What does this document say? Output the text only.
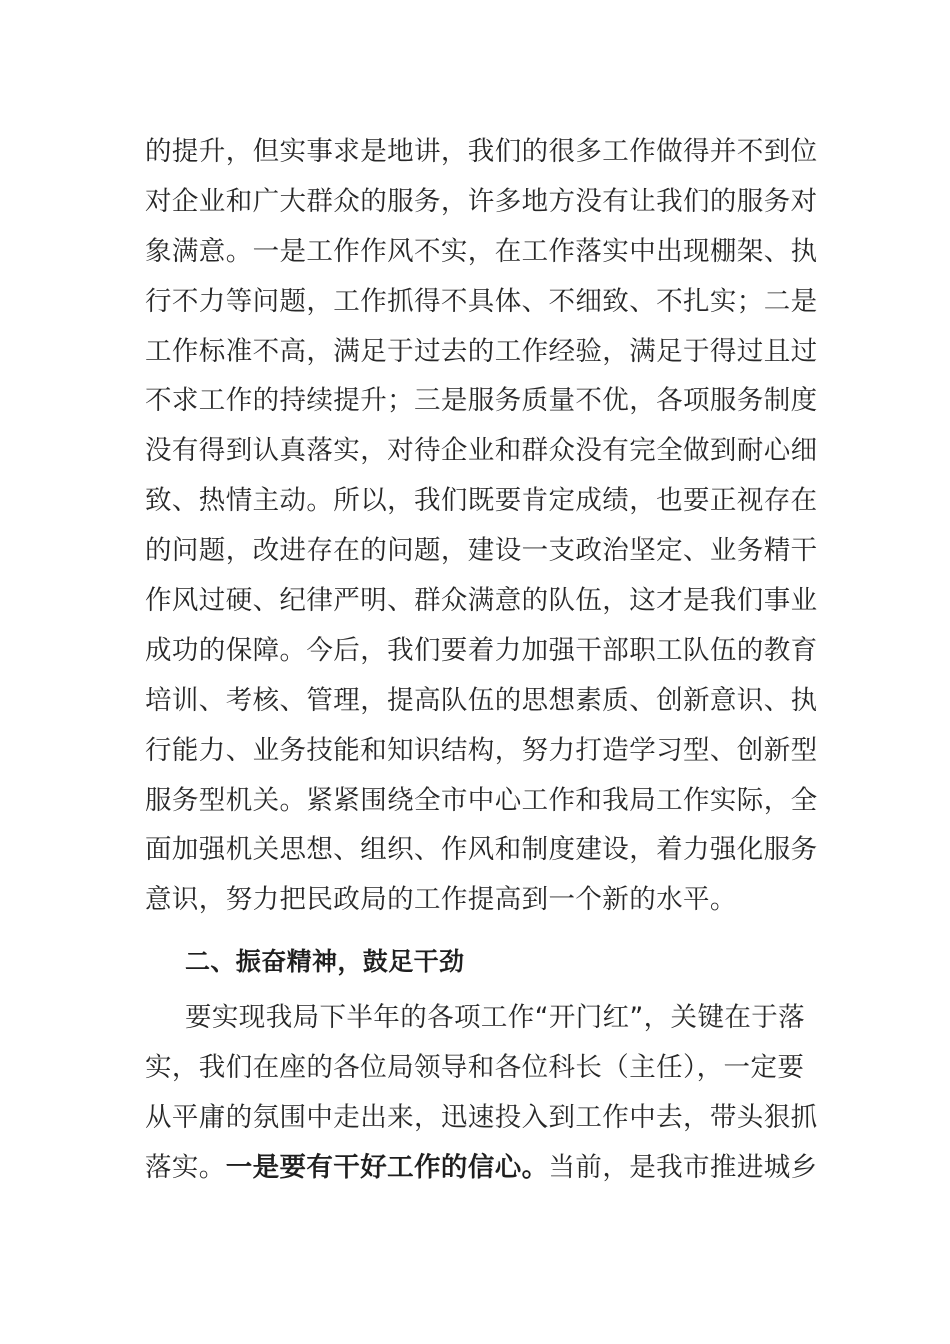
的提升，但实事求是地讲，我们的很多工作做得并不到位
对企业和广大群众的服务，许多地方没有让我们的服务对
象满意。一是工作作风不实，在工作落实中出现棚架、执
行不力等问题，工作抓得不具体、不细致、不扎实；二是
工作标准不高，满足于过去的工作经验，满足于得过且过
不求工作的持续提升；三是服务质量不优，各项服务制度
没有得到认真落实，对待企业和群众没有完全做到耐心细
致、热情主动。所以，我们既要肯定成绩，也要正视存在
的问题，改进存在的问题，建设一支政治坚定、业务精干
作风过硬、纪律严明、群众满意的队伍，这才是我们事业
成功的保障。今后，我们要着力加强干部职工队伍的教育
培训、考核、管理，提高队伍的思想素质、创新意识、执
行能力、业务技能和知识结构，努力打造学习型、创新型
服务型机关。紧紧围绕全市中心工作和我局工作实际，全
面加强机关思想、组织、作风和制度建设，着力强化服务
意识，努力把民政局的工作提高到一个新的水平。
二、振奋精神，鼓足干劲
要实现我局下半年的各项工作“开门红”，关键在于落
实，我们在座的各位局领导和各位科长（主任），一定要
从平庸的氛围中走出来，迅速投入到工作中去，带头狠抓
落实。一是要有干好工作的信心。当前，是我市推进城乡
